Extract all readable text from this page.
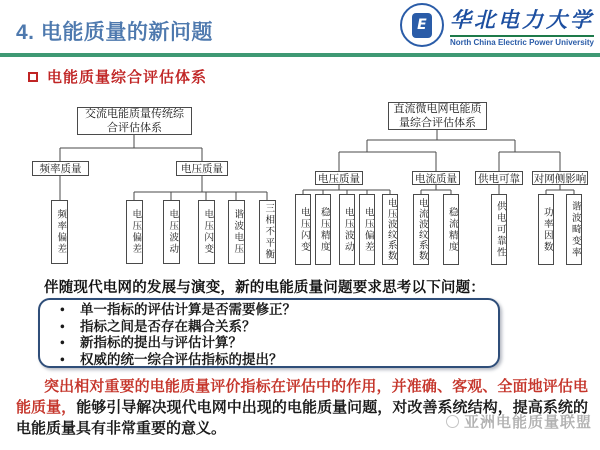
4. 电能质量的新问题	E 华北电力大学
North China Electric Power University
电能质量综合评估体系
交流电能质量传统综合评估体系
频率质量	电压质量
频率偏差	电压偏差	电压波动	电压闪变	谐波电压	三相不平衡
直流微电网电能质量综合评估体系
电压质量	电流质量 供电可靠 对网侧影响
电压闪变	稳压精度	电压波动	电压偏差	电压波纹系数	电流波纹系数	稳流精度	供电可靠性	功率因数	谐波畸变率
伴随现代电网的发展与演变，新的电能质量问题要求思考以下问题：
• 单一指标的评估计算是否需要修正？
• 指标之间是否存在耦合关系？
• 新指标的提出与评估计算？
• 权威的统一综合评估指标的提出？
突出相对重要的电能质量评价指标在评估中的作用，并准确、客观、全面地评估电能质量，能够引导解决现代电网中出现的电能质量问题，对改善系统结构，提高系统的电能质量具有非常重要的意义。	亚洲电能质量联盟
